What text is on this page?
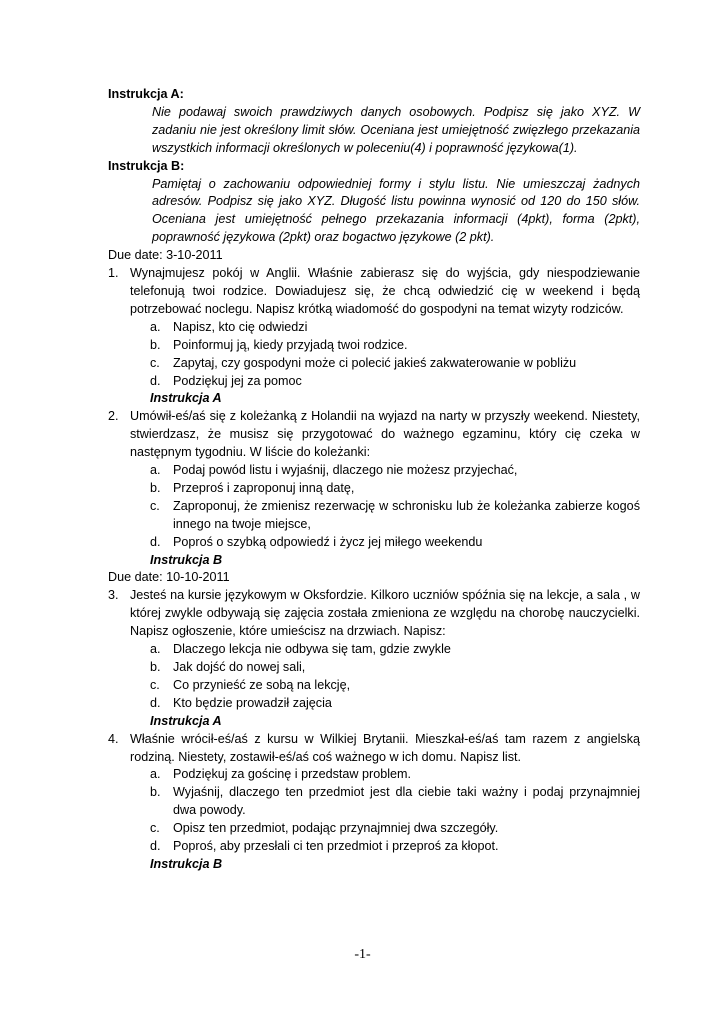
Instrukcja A:
Nie podawaj swoich prawdziwych danych osobowych. Podpisz się jako XYZ. W zadaniu nie jest określony limit słów. Oceniana jest umiejętność zwięzłego przekazania wszystkich informacji określonych w poleceniu(4) i poprawność językowa(1).
Instrukcja B:
Pamiętaj o zachowaniu odpowiedniej formy i stylu listu. Nie umieszczaj żadnych adresów. Podpisz się jako XYZ. Długość listu powinna wynosić od 120 do 150 słów. Oceniana jest umiejętność pełnego przekazania informacji (4pkt), forma (2pkt), poprawność językowa (2pkt) oraz bogactwo językowe (2 pkt).
Due date: 3-10-2011
1. Wynajmujesz pokój w Anglii. Właśnie zabierasz się do wyjścia, gdy niespodziewanie telefonują twoi rodzice. Dowiadujesz się, że chcą odwiedzić cię w weekend i będą potrzebować noclegu. Napisz krótką wiadomość do gospodyni na temat wizyty rodziców.
a. Napisz, kto cię odwiedzi
b. Poinformuj ją, kiedy przyjadą twoi rodzice.
c.	Zapytaj, czy gospodyni może ci polecić jakieś zakwaterowanie w pobliżu
d. Podziękuj jej za pomoc
Instrukcja A
2. Umówił-eś/aś się z koleżanką z Holandii na wyjazd na narty w przyszły weekend. Niestety, stwierdzasz, że musisz się przygotować do ważnego egzaminu, który cię czeka w następnym tygodniu. W liście do koleżanki:
a. Podaj powód listu i wyjaśnij, dlaczego nie możesz przyjechać,
b. Przeproś i zaproponuj inną datę,
c.	Zaproponuj, że zmienisz rezerwację w schronisku lub że koleżanka zabierze kogoś innego na twoje miejsce,
d. Poproś o szybką odpowiedź i życz jej miłego weekendu
Instrukcja B
Due date: 10-10-2011
3. Jesteś na kursie językowym w Oksfordzie. Kilkoro uczniów spóźnia się na lekcje, a sala , w której zwykle odbywają się zajęcia została zmieniona ze względu na chorobę nauczycielki. Napisz ogłoszenie, które umieścisz na drzwiach. Napisz:
a. Dlaczego lekcja nie odbywa się tam, gdzie zwykle
b. Jak dojść do nowej sali,
c.	Co przynieść ze sobą na lekcję,
d. Kto będzie prowadził zajęcia
Instrukcja A
4. Właśnie wrócił-eś/aś z kursu w Wilkiej Brytanii. Mieszkał-eś/aś tam razem z angielską rodziną. Niestety, zostawił-eś/aś coś ważnego w ich domu. Napisz list.
a. Podziękuj za gościnę i przedstaw problem.
b. Wyjaśnij, dlaczego ten przedmiot jest dla ciebie taki ważny i podaj przynajmniej dwa powody.
c.	Opisz ten przedmiot, podając przynajmniej dwa szczegóły.
d. Poproś, aby przesłali ci ten przedmiot i przeproś za kłopot.
Instrukcja B
-1-
